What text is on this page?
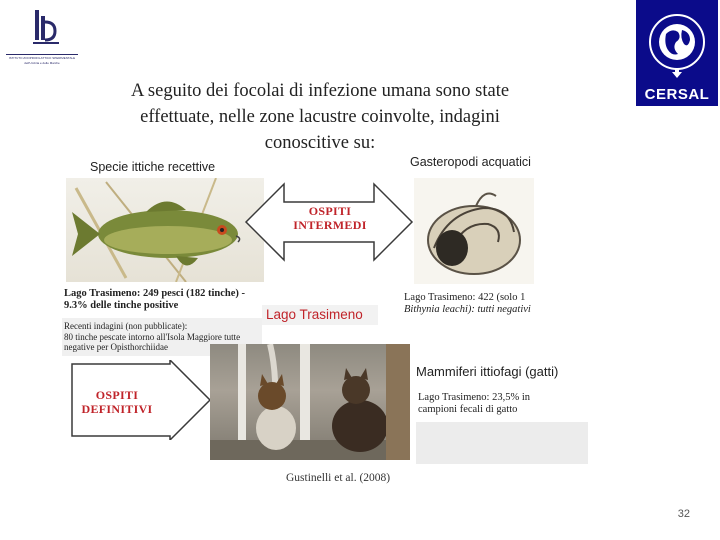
ISTITUTO ZOOPROFILATTICO SPERIMENTALE
dell'Umbria e delle Marche
CERSAL
A seguito dei focolai di infezione umana sono state
effettuate, nelle zone lacustre coinvolte, indagini
conoscitive su:
Specie ittiche recettive	Gasteropodi acquatici
OSPITI
INTERMEDI
Lago Trasimeno: 249 pesci (182 tinche) -
9.3% delle tinche positive
Recenti indagini (non pubblicate):
80 tinche pescate intorno all'Isola Maggiore tutte
negative per Opisthorchiidae
Lago Trasimeno
Lago Trasimeno: 422 (solo 1
Bithynia leachi): tutti negativi
OSPITI
DEFINITIVI
Mammiferi ittiofagi (gatti)
Lago Trasimeno: 23,5% in
campioni fecali di gatto
Gustinelli et al. (2008)
32
